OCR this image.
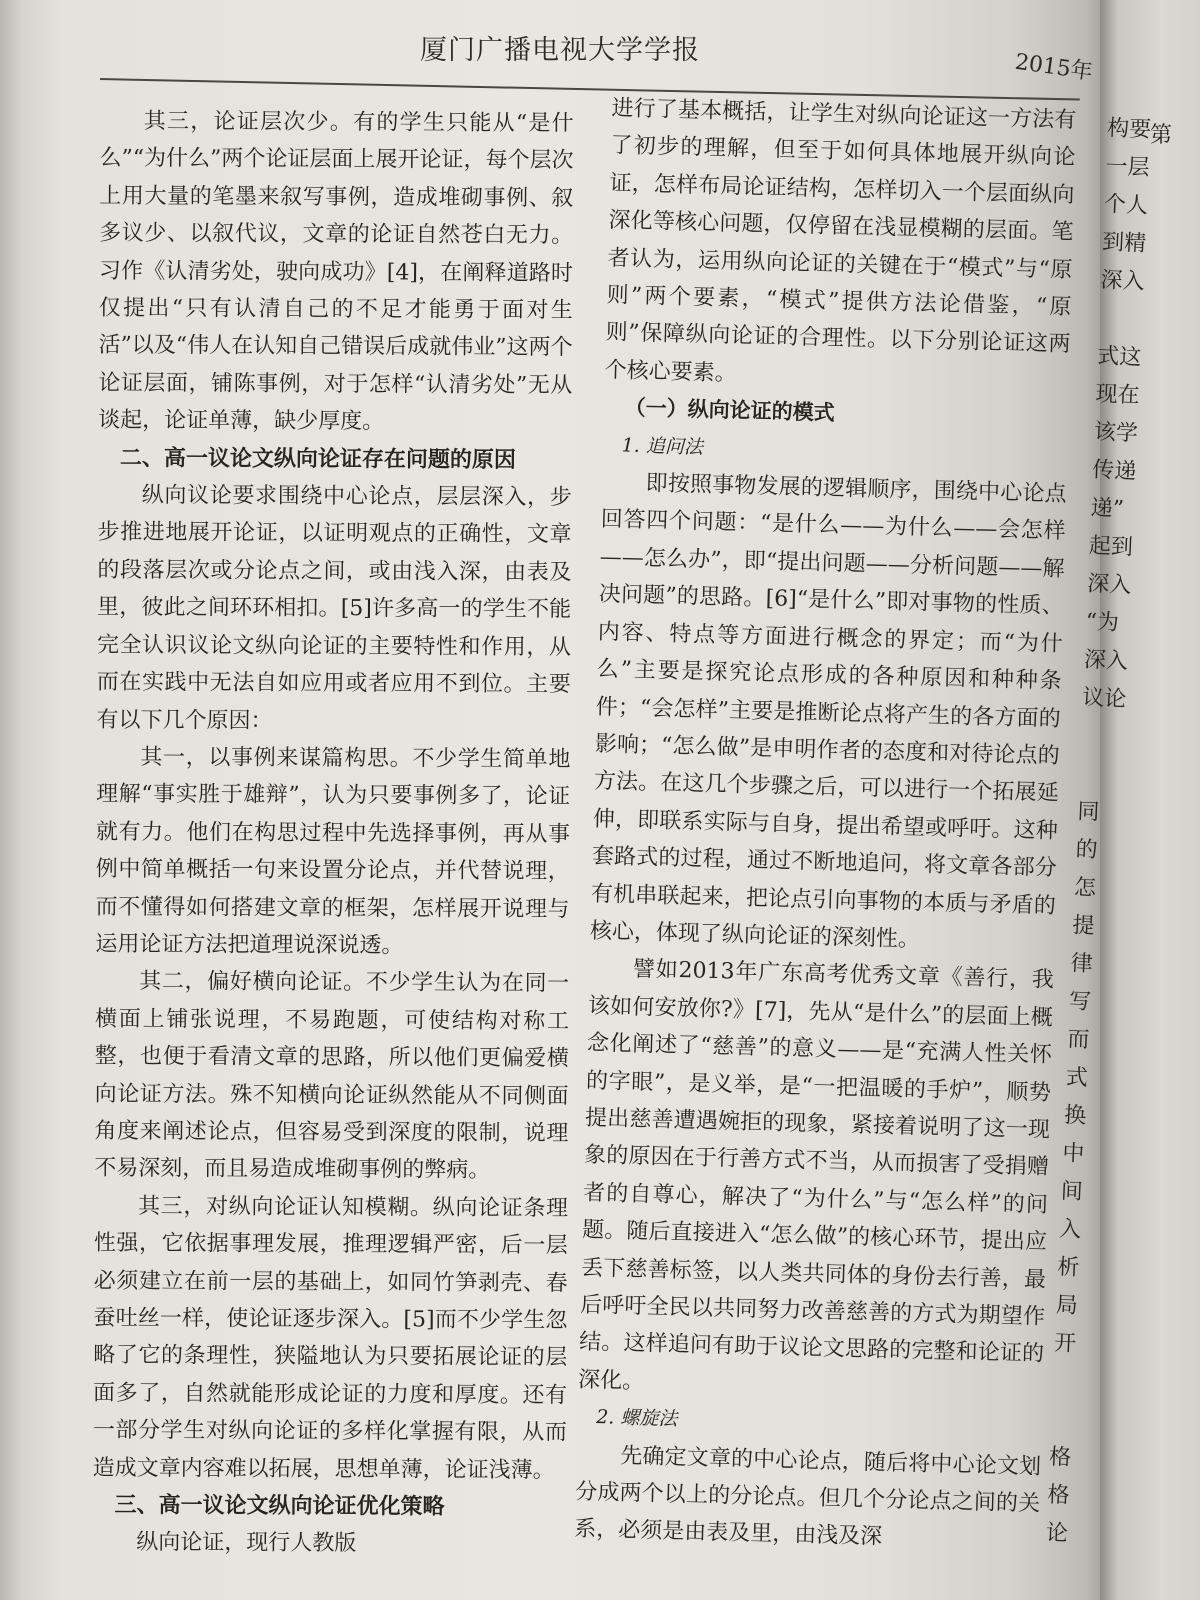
厦门广播电视大学学报	2015年

其三，论证层次少。有的学生只能从“是什么”“为什么”两个论证层面上展开论证，每个层次上用大量的笔墨来叙写事例，造成堆砌事例、叙多议少、以叙代议，文章的论证自然苍白无力。习作《认清劣处，驶向成功》[4]，在阐释道路时仅提出“只有认清自己的不足才能勇于面对生活”以及“伟人在认知自己错误后成就伟业”这两个论证层面，铺陈事例，对于怎样“认清劣处”无从谈起，论证单薄，缺少厚度。

二、高一议论文纵向论证存在问题的原因

纵向议论要求围绕中心论点，层层深入，步步推进地展开论证，以证明观点的正确性，文章的段落层次或分论点之间，或由浅入深，由表及里，彼此之间环环相扣。[5]许多高一的学生不能完全认识议论文纵向论证的主要特性和作用，从而在实践中无法自如应用或者应用不到位。主要有以下几个原因：

其一，以事例来谋篇构思。不少学生简单地理解“事实胜于雄辩”，认为只要事例多了，论证就有力。他们在构思过程中先选择事例，再从事例中简单概括一句来设置分论点，并代替说理，而不懂得如何搭建文章的框架，怎样展开说理与运用论证方法把道理说深说透。

其二，偏好横向论证。不少学生认为在同一横面上铺张说理，不易跑题，可使结构对称工整，也便于看清文章的思路，所以他们更偏爱横向论证方法。殊不知横向论证纵然能从不同侧面角度来阐述论点，但容易受到深度的限制，说理不易深刻，而且易造成堆砌事例的弊病。

其三，对纵向论证认知模糊。纵向论证条理性强，它依据事理发展，推理逻辑严密，后一层必须建立在前一层的基础上，如同竹笋剥壳、春蚕吐丝一样，使论证逐步深入。[5]而不少学生忽略了它的条理性，狭隘地认为只要拓展论证的层面多了，自然就能形成论证的力度和厚度。还有一部分学生对纵向论证的多样化掌握有限，从而造成文章内容难以拓展，思想单薄，论证浅薄。

三、高一议论文纵向论证优化策略

纵向论证，现行人教版

进行了基本概括，让学生对纵向论证这一方法有了初步的理解，但至于如何具体地展开纵向论证，怎样布局论证结构，怎样切入一个层面纵向深化等核心问题，仅停留在浅显模糊的层面。笔者认为，运用纵向论证的关键在于“模式”与“原则”两个要素，“模式”提供方法论借鉴，“原则”保障纵向论证的合理性。以下分别论证这两个核心要素。

（一）纵向论证的模式
1. 追问法

即按照事物发展的逻辑顺序，围绕中心论点回答四个问题：“是什么——为什么——会怎样——怎么办”，即“提出问题——分析问题——解决问题”的思路。[6]“是什么”即对事物的性质、内容、特点等方面进行概念的界定；而“为什么”主要是探究论点形成的各种原因和种种条件；“会怎样”主要是推断论点将产生的各方面的影响；“怎么做”是申明作者的态度和对待论点的方法。在这几个步骤之后，可以进行一个拓展延伸，即联系实际与自身，提出希望或呼吁。这种套路式的过程，通过不断地追问，将文章各部分有机串联起来，把论点引向事物的本质与矛盾的核心，体现了纵向论证的深刻性。

譬如2013年广东高考优秀文章《善行，我该如何安放你?》[7]，先从“是什么”的层面上概念化阐述了“慈善”的意义——是“充满人性关怀的字眼”，是义举，是“一把温暖的手炉”，顺势提出慈善遭遇婉拒的现象，紧接着说明了这一现象的原因在于行善方式不当，从而损害了受捐赠者的自尊心，解决了“为什么”与“怎么样”的问题。随后直接进入“怎么做”的核心环节，提出应丢下慈善标签，以人类共同体的身份去行善，最后呼吁全民以共同努力改善慈善的方式为期望作结。这样追问有助于议论文思路的完整和论证的深化。

2. 螺旋法

先确定文章的中心论点，随后将中心论文划分成两个以上的分论点。但几个分论点之间的关系，必须是由表及里，由浅及深

第
构要
一层
个人
到精
深入
式这
现在
该学
传递
递”
起到
深入
“为
深入
议论
同
的
怎
提
律
写
而
式
换
中
间
入
析
局
开
格
格
论
